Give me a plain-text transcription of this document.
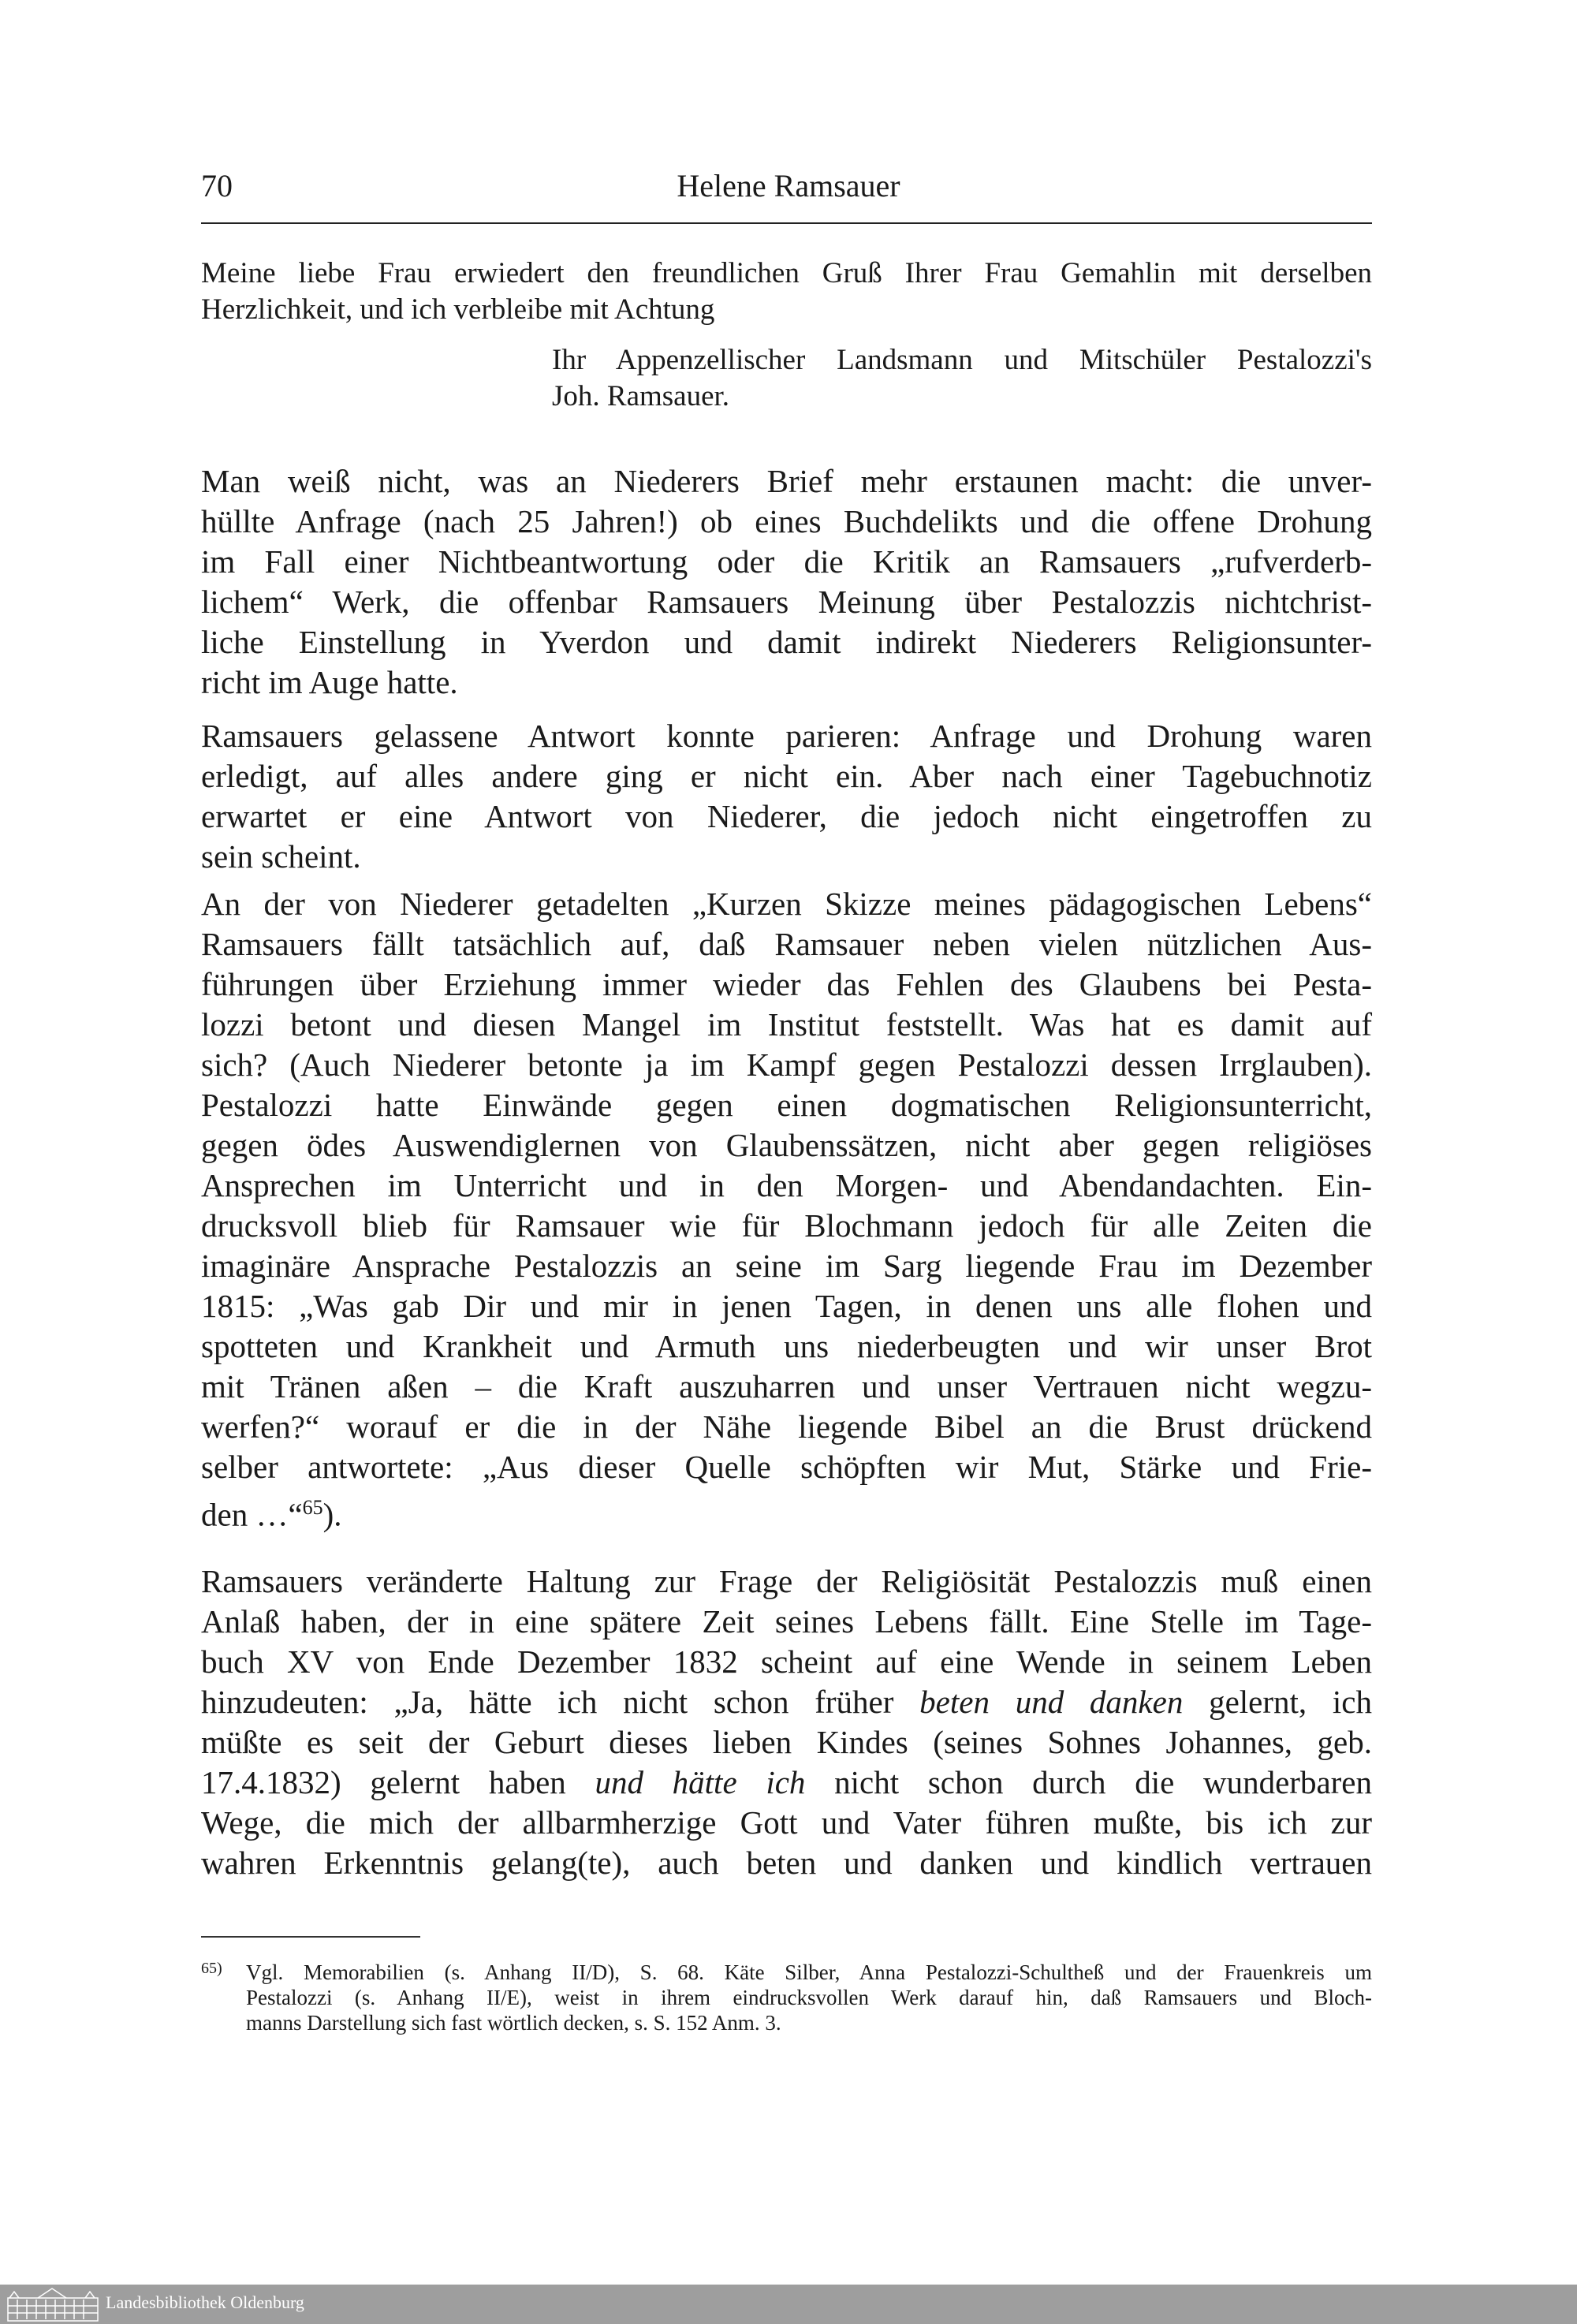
70	Helene Ramsauer
Meine liebe Frau erwiedert den freundlichen Gruß Ihrer Frau Gemahlin mit derselben
Herzlichkeit, und ich verbleibe mit Achtung
Ihr Appenzellischer Landsmann und Mitschüler Pestalozzi's
Joh. Ramsauer.
Man weiß nicht, was an Niederers Brief mehr erstaunen macht: die unver-
hüllte Anfrage (nach 25 Jahren!) ob eines Buchdelikts und die offene Drohung
im Fall einer Nichtbeantwortung oder die Kritik an Ramsauers „rufverderb-
lichem“ Werk, die offenbar Ramsauers Meinung über Pestalozzis nichtchrist-
liche Einstellung in Yverdon und damit indirekt Niederers Religionsunter-
richt im Auge hatte.
Ramsauers gelassene Antwort konnte parieren: Anfrage und Drohung waren
erledigt, auf alles andere ging er nicht ein. Aber nach einer Tagebuchnotiz
erwartet er eine Antwort von Niederer, die jedoch nicht eingetroffen zu
sein scheint.
An der von Niederer getadelten „Kurzen Skizze meines pädagogischen Lebens“
Ramsauers fällt tatsächlich auf, daß Ramsauer neben vielen nützlichen Aus-
führungen über Erziehung immer wieder das Fehlen des Glaubens bei Pesta-
lozzi betont und diesen Mangel im Institut feststellt. Was hat es damit auf
sich? (Auch Niederer betonte ja im Kampf gegen Pestalozzi dessen Irrglauben).
Pestalozzi hatte Einwände gegen einen dogmatischen Religionsunterricht,
gegen ödes Auswendiglernen von Glaubenssätzen, nicht aber gegen religiöses
Ansprechen im Unterricht und in den Morgen- und Abendandachten. Ein-
drucksvoll blieb für Ramsauer wie für Blochmann jedoch für alle Zeiten die
imaginäre Ansprache Pestalozzis an seine im Sarg liegende Frau im Dezember
1815: „Was gab Dir und mir in jenen Tagen, in denen uns alle flohen und
spotteten und Krankheit und Armuth uns niederbeugten und wir unser Brot
mit Tränen aßen – die Kraft auszuharren und unser Vertrauen nicht wegzu-
werfen?“ worauf er die in der Nähe liegende Bibel an die Brust drückend
selber antwortete: „Aus dieser Quelle schöpften wir Mut, Stärke und Frie-
den …“$^{65}$).
Ramsauers veränderte Haltung zur Frage der Religiösität Pestalozzis muß einen
Anlaß haben, der in eine spätere Zeit seines Lebens fällt. Eine Stelle im Tage-
buch XV von Ende Dezember 1832 scheint auf eine Wende in seinem Leben
hinzudeuten: „Ja, hätte ich nicht schon früher beten und danken gelernt, ich
müßte es seit der Geburt dieses lieben Kindes (seines Sohnes Johannes, geb.
17.4.1832) gelernt haben und hätte ich nicht schon durch die wunderbaren
Wege, die mich der allbarmherzige Gott und Vater führen mußte, bis ich zur
wahren Erkenntnis gelang(te), auch beten und danken und kindlich vertrauen
65) Vgl. Memorabilien (s. Anhang II/D), S. 68. Käte Silber, Anna Pestalozzi-Schultheß und der Frauenkreis um
Pestalozzi (s. Anhang II/E), weist in ihrem eindrucksvollen Werk darauf hin, daß Ramsauers und Bloch-
manns Darstellung sich fast wörtlich decken, s. S. 152 Anm. 3.
Landesbibliothek Oldenburg
